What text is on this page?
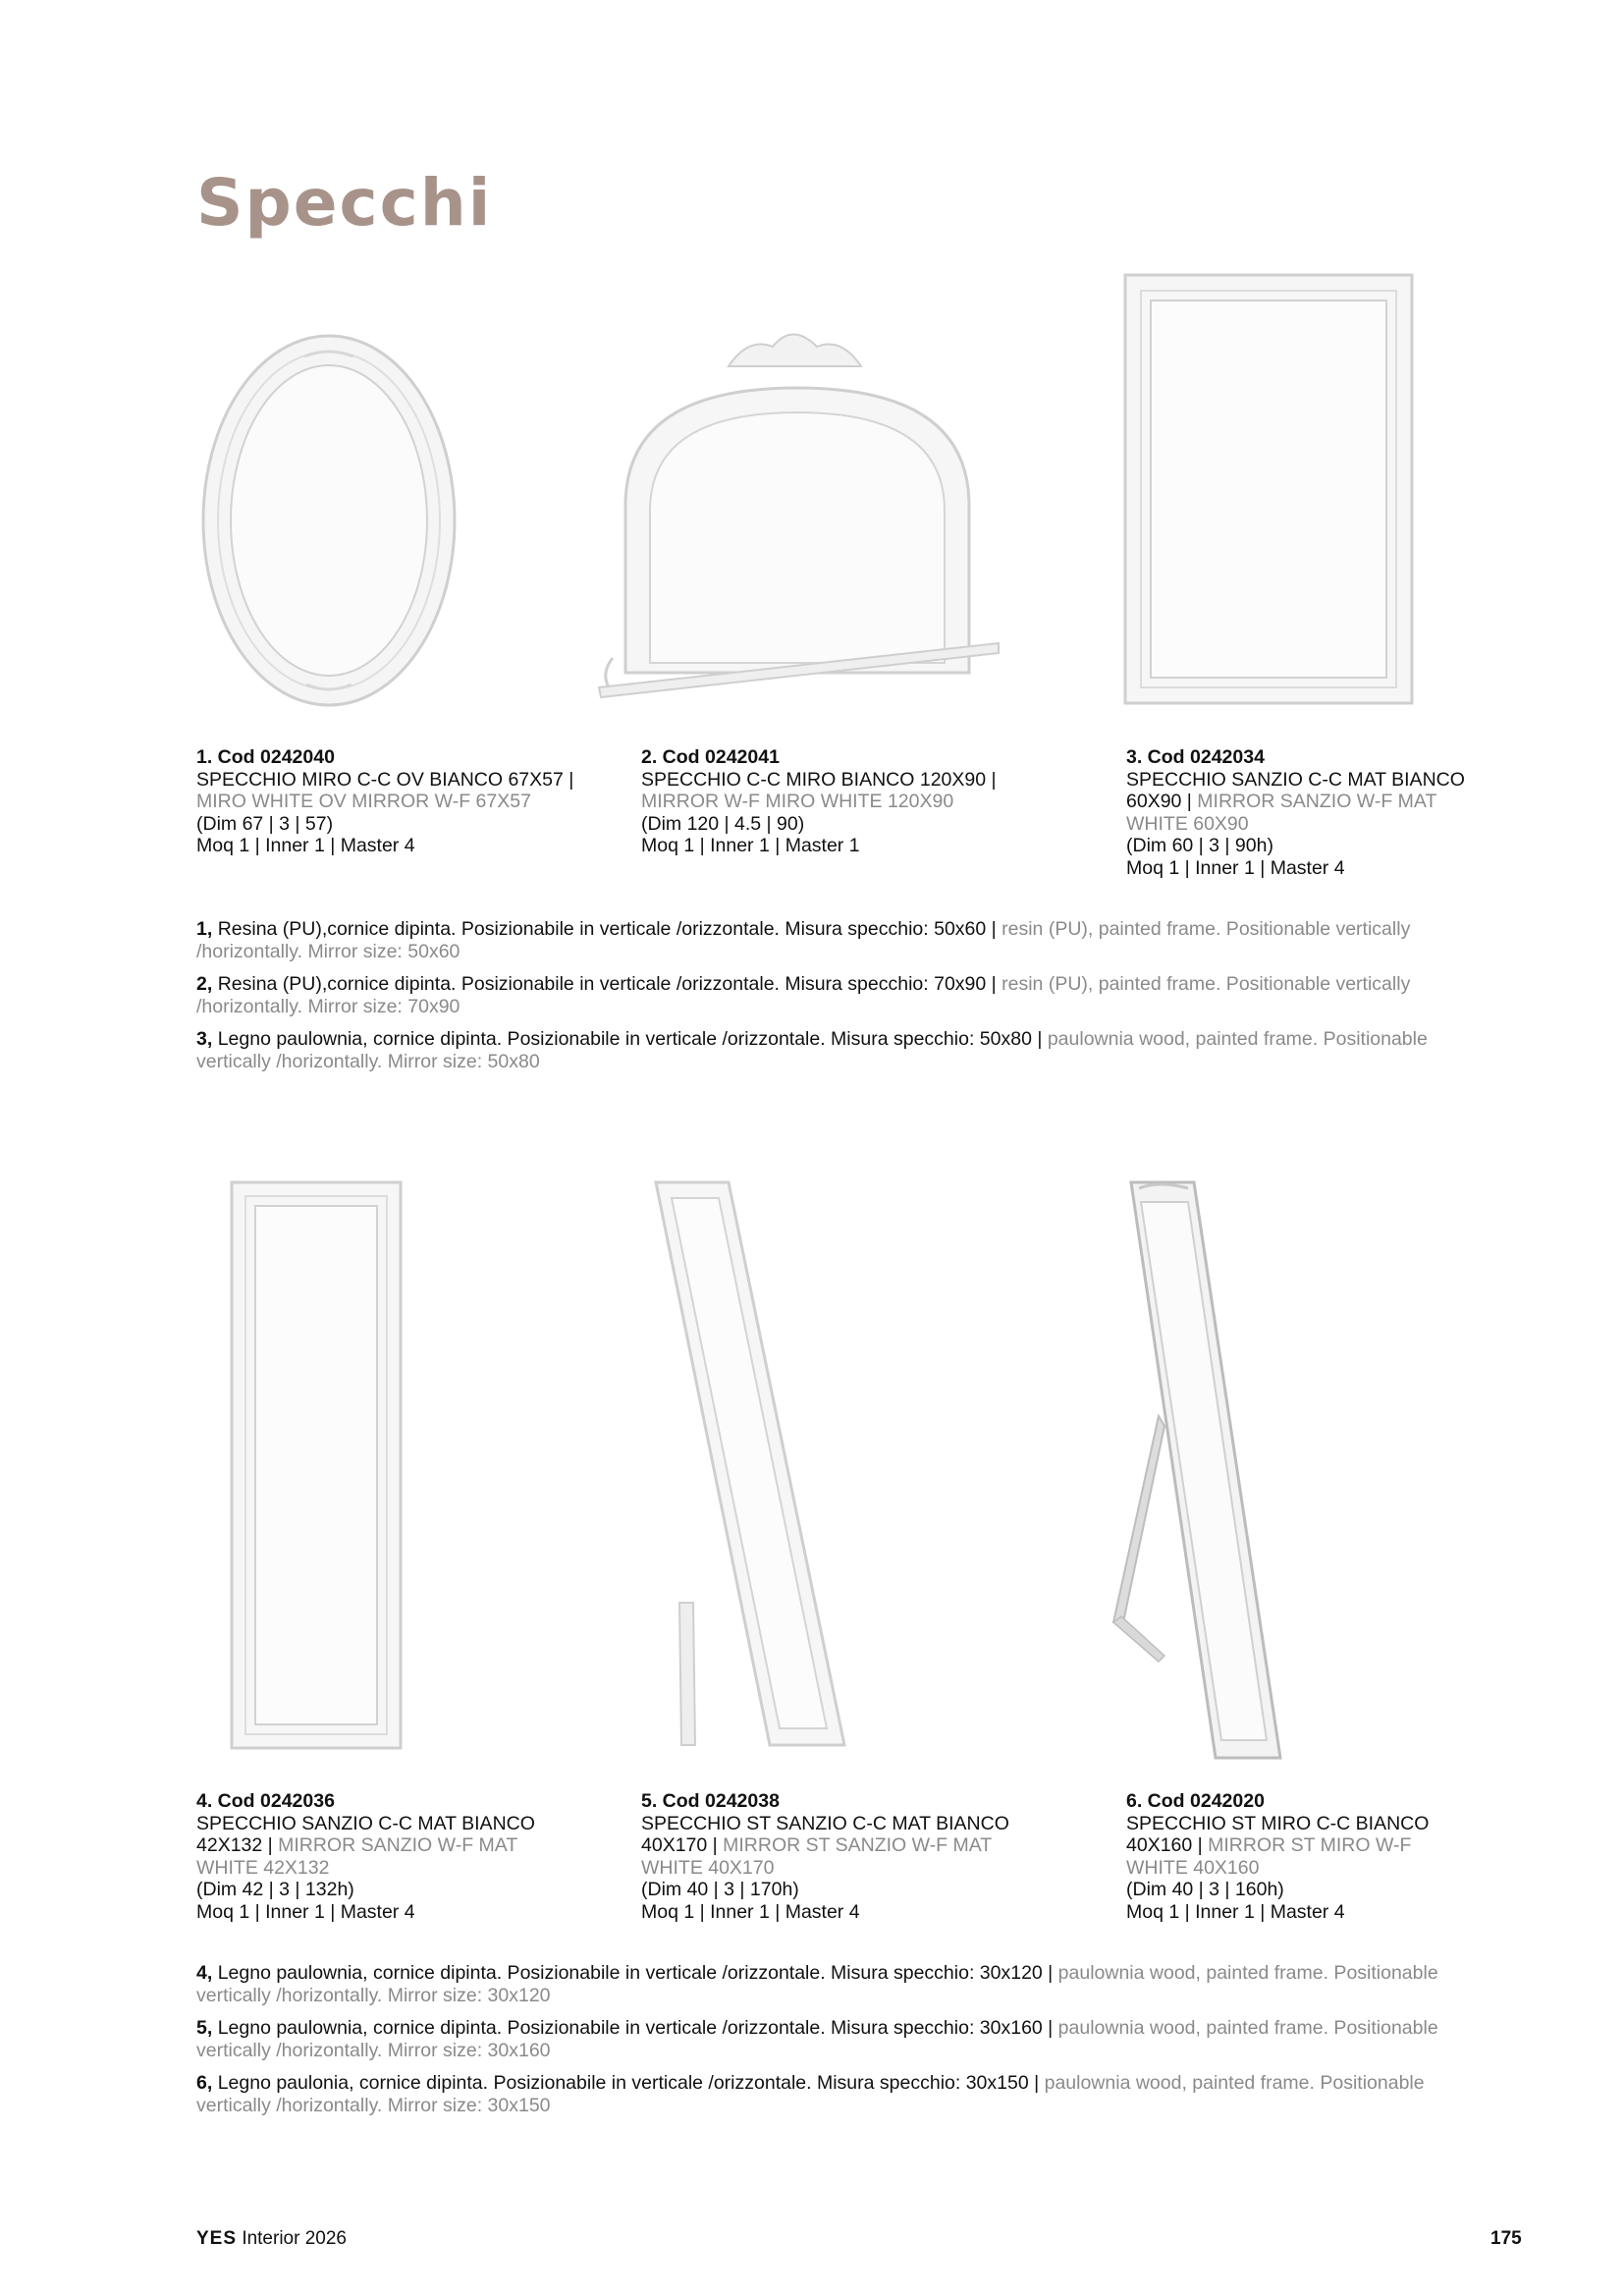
Specchi
1. Cod 0242040
SPECCHIO MIRO C-C OV BIANCO 67X57 | MIRO WHITE OV MIRROR W-F 67X57
(Dim 67 | 3 | 57)
Moq 1 | Inner 1 | Master 4
2. Cod 0242041
SPECCHIO C-C MIRO BIANCO 120X90 | MIRROR W-F MIRO WHITE 120X90
(Dim 120 | 4.5 | 90)
Moq 1 | Inner 1 | Master 1
3. Cod 0242034
SPECCHIO SANZIO C-C MAT BIANCO 60X90 | MIRROR SANZIO W-F MAT WHITE 60X90
(Dim 60 | 3 | 90h)
Moq 1 | Inner 1 | Master 4
4. Cod 0242036
SPECCHIO SANZIO C-C MAT BIANCO 42X132 | MIRROR SANZIO W-F MAT WHITE 42X132
(Dim 42 | 3 | 132h)
Moq 1 | Inner 1 | Master 4
5. Cod 0242038
SPECCHIO ST SANZIO C-C MAT BIANCO 40X170 | MIRROR ST SANZIO W-F MAT WHITE 40X170
(Dim 40 | 3 | 170h)
Moq 1 | Inner 1 | Master 4
6. Cod 0242020
SPECCHIO ST MIRO C-C BIANCO 40X160 | MIRROR ST MIRO W-F WHITE 40X160
(Dim 40 | 3 | 160h)
Moq 1 | Inner 1 | Master 4
1, Resina (PU),cornice dipinta. Posizionabile in verticale /orizzontale. Misura specchio: 50x60 | resin (PU), painted frame. Positionable vertically /horizontally. Mirror size: 50x60
2, Resina (PU),cornice dipinta. Posizionabile in verticale /orizzontale. Misura specchio: 70x90 | resin (PU), painted frame. Positionable vertically /horizontally. Mirror size: 70x90
3, Legno paulownia, cornice dipinta. Posizionabile in verticale /orizzontale. Misura specchio: 50x80 | paulownia wood, painted frame. Positionable vertically /horizontally. Mirror size: 50x80
4, Legno paulownia, cornice dipinta. Posizionabile in verticale /orizzontale. Misura specchio: 30x120 | paulownia wood, painted frame. Positionable vertically /horizontally. Mirror size: 30x120
5, Legno paulownia, cornice dipinta. Posizionabile in verticale /orizzontale. Misura specchio: 30x160 | paulownia wood, painted frame. Positionable vertically /horizontally. Mirror size: 30x160
6, Legno paulonia, cornice dipinta. Posizionabile in verticale /orizzontale. Misura specchio: 30x150 | paulownia wood, painted frame. Positionable vertically /horizontally. Mirror size: 30x150
YES Interior 2026	175
